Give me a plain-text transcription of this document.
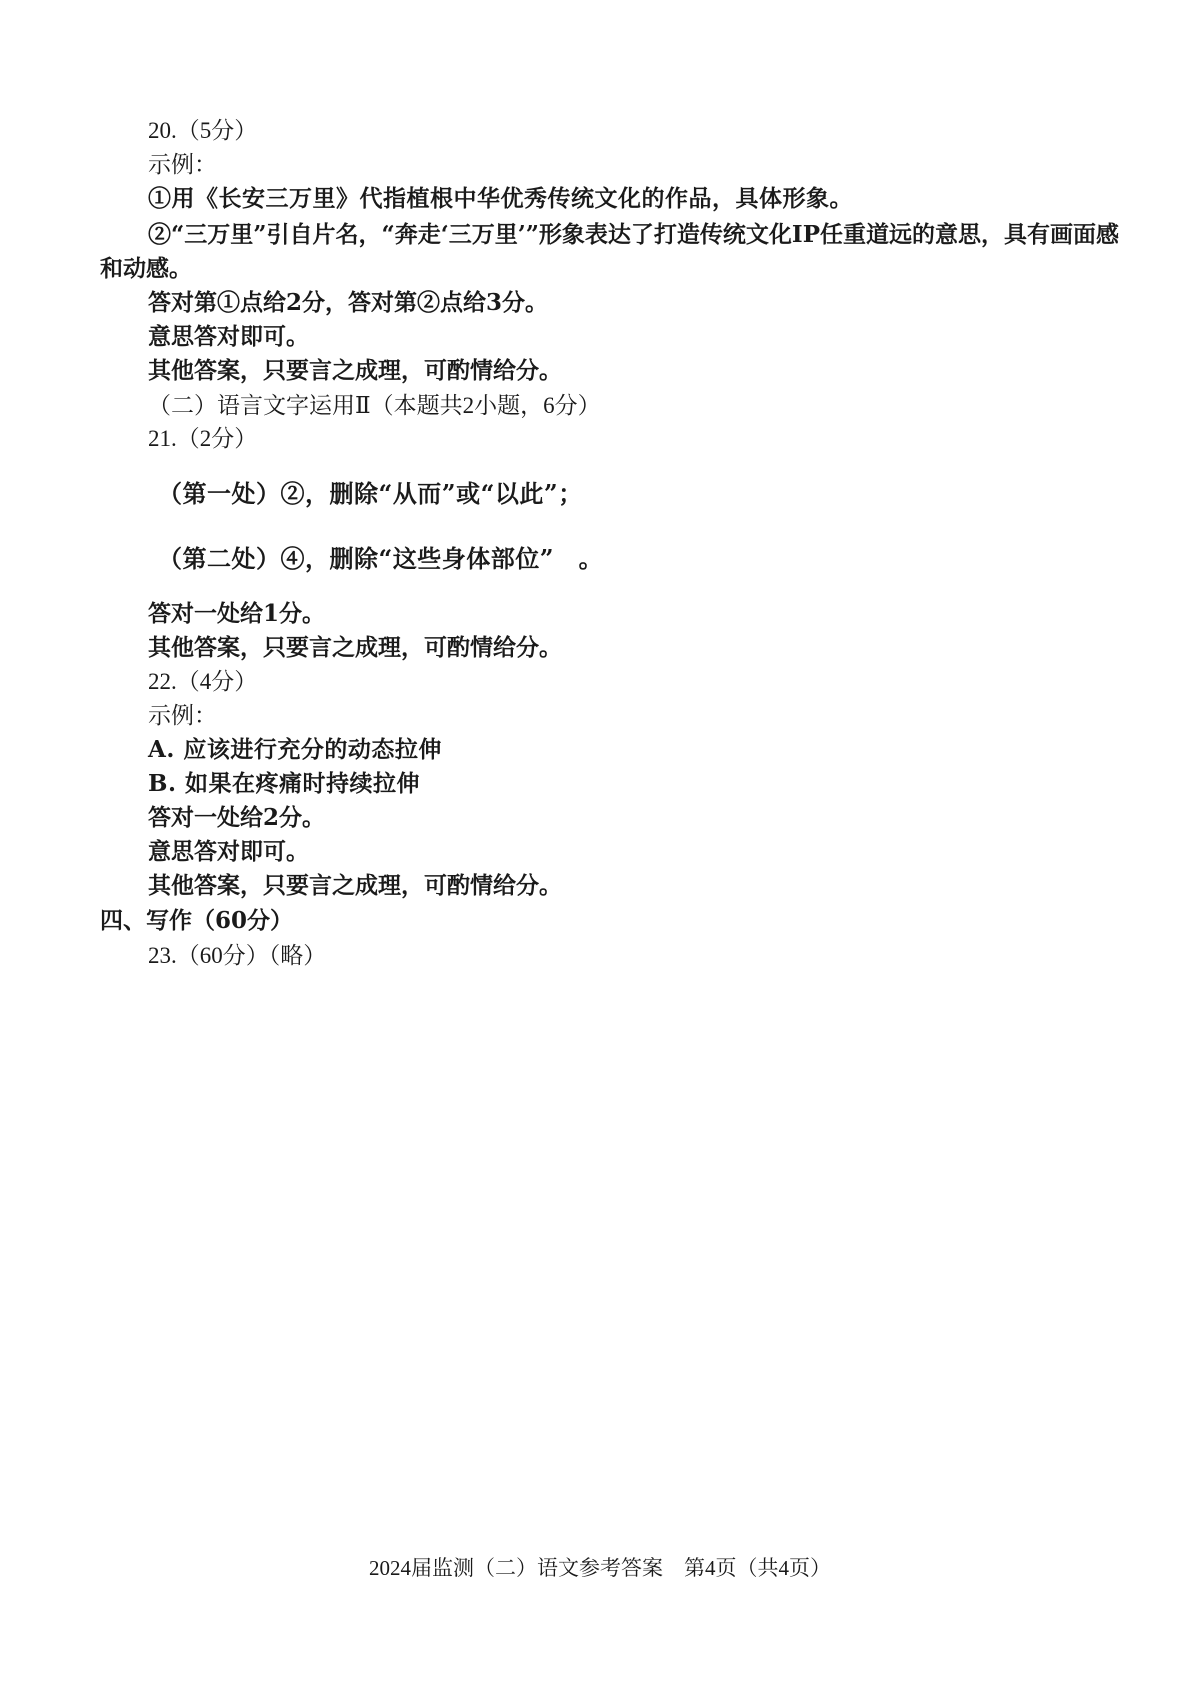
20.（5分）
示例：
①用《长安三万里》代指植根中华优秀传统文化的作品，具体形象。
②“三万里”引自片名，“奔走‘三万里’”形象表达了打造传统文化IP任重道远的意思，具有画面感和动感。
答对第①点给2分，答对第②点给3分。
意思答对即可。
其他答案，只要言之成理，可酌情给分。
（二）语言文字运用Ⅱ（本题共2小题，6分）
21.（2分）
（第一处）②，删除“从而”或“以此”；
（第二处）④，删除“这些身体部位”　。
答对一处给1分。
其他答案，只要言之成理，可酌情给分。
22.（4分）
示例：
A. 应该进行充分的动态拉伸
B. 如果在疼痛时持续拉伸
答对一处给2分。
意思答对即可。
其他答案，只要言之成理，可酌情给分。
四、写作（60分）
23.（60分）（略）
2024届监测（二）语文参考答案　第4页（共4页）
